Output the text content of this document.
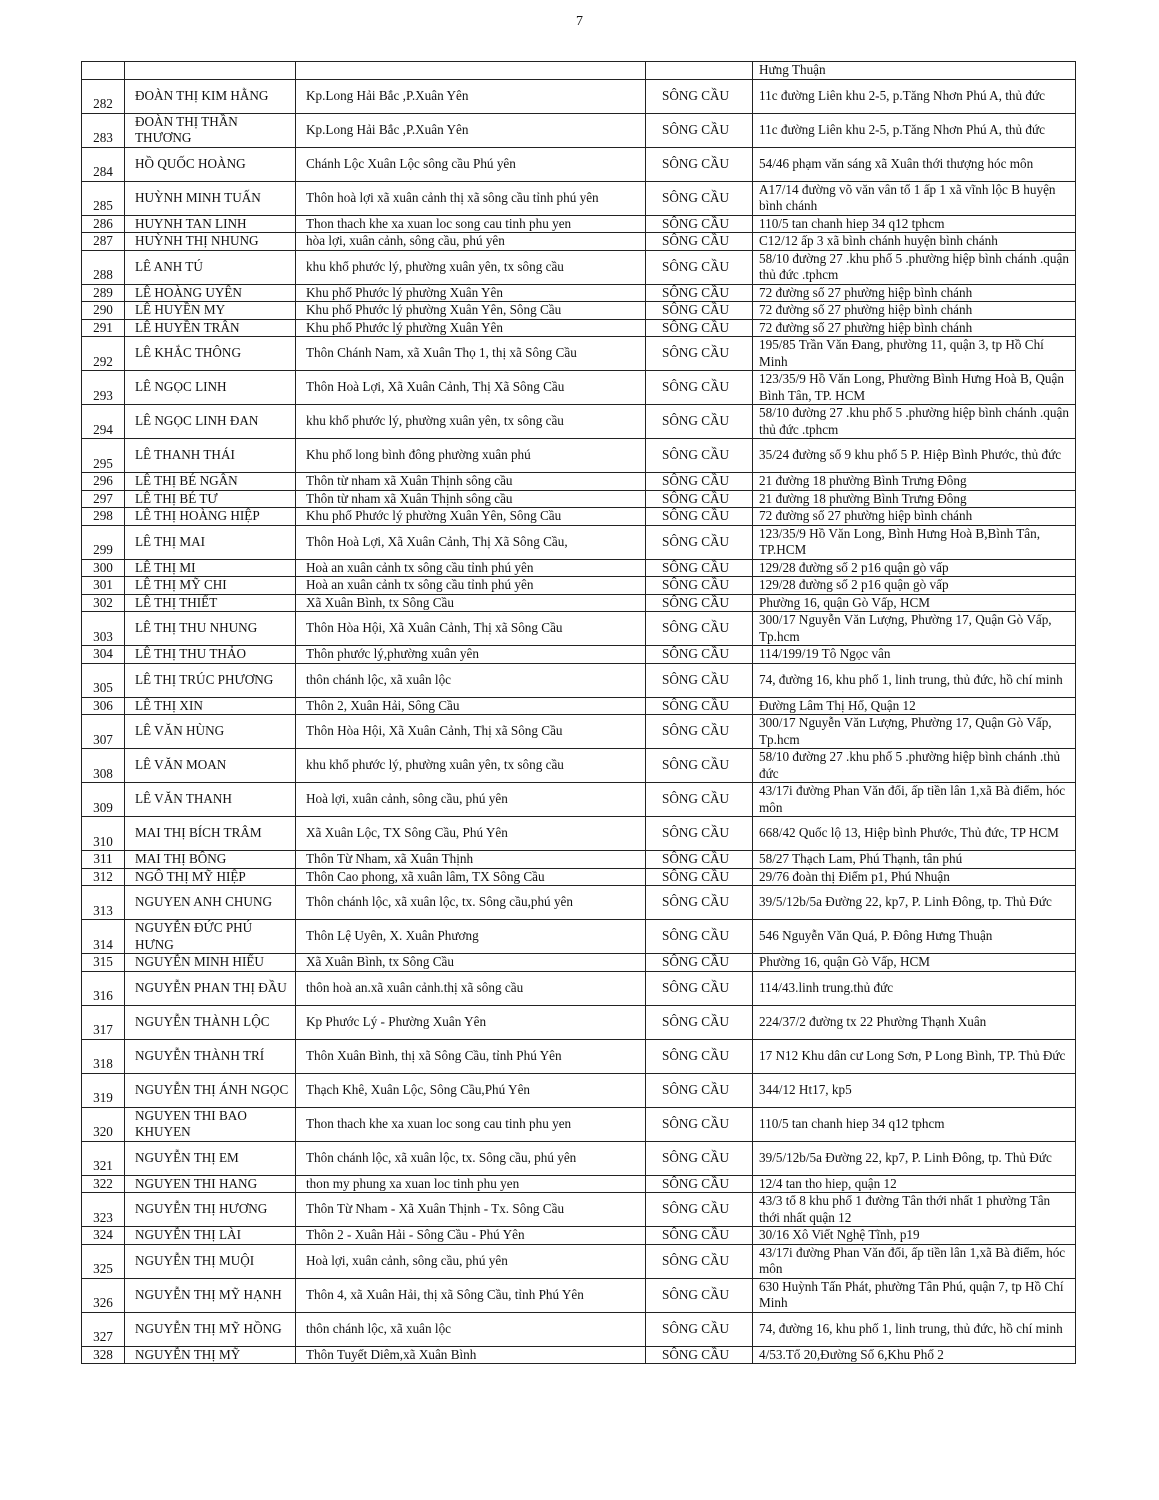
7
				Hưng Thuận
282	ĐOÀN THỊ KIM HẰNG	Kp.Long Hải Bắc ,P.Xuân Yên	SÔNG CẦU	11c đường Liên khu 2-5, p.Tăng Nhơn Phú A, thủ đức
283	ĐOÀN THỊ THẦN THƯƠNG	Kp.Long Hải Bắc ,P.Xuân Yên	SÔNG CẦU	11c đường Liên khu 2-5, p.Tăng Nhơn Phú A, thủ đức
284	HỒ QUỐC HOÀNG	Chánh Lộc Xuân Lộc sông cầu Phú yên	SÔNG CẦU	54/46 phạm văn sáng xã Xuân thới thượng hóc môn
285	HUỲNH MINH TUẤN	Thôn hoà lợi xã xuân cảnh thị xã sông cầu tỉnh phú yên	SÔNG CẦU	A17/14 đường võ văn vân tổ 1 ấp 1 xã vĩnh lộc B huyện bình chánh
286	HUYNH TAN LINH	Thon thach khe xa xuan loc song cau tinh phu yen	SÔNG CẦU	110/5 tan chanh hiep 34 q12 tphcm
287	HUỲNH THỊ NHUNG	hòa lợi, xuân cảnh, sông cầu, phú yên	SÔNG CẦU	C12/12 ấp 3 xã bình chánh huyện bình chánh
288	LÊ ANH TÚ	khu khổ phước lý, phường xuân yên, tx sông cầu	SÔNG CẦU	58/10 đường 27 .khu phố 5 .phường hiệp bình chánh .quận thủ đức .tphcm
289	LÊ HOÀNG UYÊN	Khu phố Phước lý phường Xuân Yên	SÔNG CẦU	72 đường số 27 phường hiệp bình chánh
290	LÊ HUYỀN MY	Khu phố Phước lý phường Xuân Yên, Sông Cầu	SÔNG CẦU	72 đường số 27 phường hiệp bình chánh
291	LÊ HUYỀN TRÂN	Khu phố Phước lý phường Xuân Yên	SÔNG CẦU	72 đường số 27 phường hiệp bình chánh
292	LÊ KHẮC THÔNG	Thôn Chánh Nam, xã Xuân Thọ 1, thị xã Sông Cầu	SÔNG CẦU	195/85 Trần Văn Đang, phường 11, quận 3, tp Hồ Chí Minh
293	LÊ NGỌC LINH	Thôn Hoà Lợi, Xã Xuân Cảnh, Thị Xã Sông Cầu	SÔNG CẦU	123/35/9 Hồ Văn Long, Phường Bình Hưng Hoà B, Quận Bình Tân, TP. HCM
294	LÊ NGỌC LINH ĐAN	khu khổ phước lý, phường xuân yên, tx sông cầu	SÔNG CẦU	58/10 đường 27 .khu phố 5 .phường hiệp bình chánh .quận thủ đức .tphcm
295	LÊ THANH THÁI	Khu phố long bình đông phường xuân phú	SÔNG CẦU	35/24 đường số 9 khu phố 5 P. Hiệp Bình Phước, thủ đức
296	LÊ THỊ BÉ NGÂN	Thôn từ nham xã Xuân Thịnh sông cầu	SÔNG CẦU	21 đường 18 phường Bình Trưng Đông
297	LÊ THỊ BÉ TƯ	Thôn từ nham xã Xuân Thịnh sông cầu	SÔNG CẦU	21 đường 18 phường Bình Trưng Đông
298	LÊ THỊ HOÀNG HIỆP	Khu phố Phước lý phường Xuân Yên, Sông Cầu	SÔNG CẦU	72 đường số 27 phường hiệp bình chánh
299	LÊ THỊ MAI	Thôn Hoà Lợi, Xã Xuân Cảnh, Thị Xã Sông Cầu,	SÔNG CẦU	123/35/9 Hồ Văn Long, Bình Hưng Hoà B,Bình Tân, TP.HCM
300	LÊ THỊ MI	Hoà an xuân cảnh tx sông cầu tỉnh phú yên	SÔNG CẦU	129/28 đường số 2 p16 quận gò vấp
301	LÊ THỊ MỸ CHI	Hoà an xuân cảnh tx sông cầu tỉnh phú yên	SÔNG CẦU	129/28 đường số 2 p16 quận gò vấp
302	LÊ THỊ THIẾT	Xã Xuân Bình, tx Sông Cầu	SÔNG CẦU	Phường 16, quận Gò Vấp, HCM
303	LÊ THỊ THU NHUNG	Thôn Hòa Hội, Xã Xuân Cảnh, Thị xã Sông Cầu	SÔNG CẦU	300/17 Nguyễn Văn Lượng, Phường 17, Quận Gò Vấp, Tp.hcm
304	LÊ THỊ THU THẢO	Thôn phước lý,phường xuân yên	SÔNG CẦU	114/199/19 Tô Ngọc vân
305	LÊ THỊ TRÚC PHƯƠNG	thôn chánh lộc, xã xuân lộc	SÔNG CẦU	74, đường 16, khu phố 1, linh trung, thủ đức, hồ chí minh
306	LÊ THỊ XIN	Thôn 2, Xuân Hải, Sông Cầu	SÔNG CẦU	Đường Lâm Thị Hố, Quận 12
307	LÊ VĂN HÙNG	Thôn Hòa Hội, Xã Xuân Cảnh, Thị xã Sông Cầu	SÔNG CẦU	300/17 Nguyễn Văn Lượng, Phường 17, Quận Gò Vấp, Tp.hcm
308	LÊ VĂN MOAN	khu khổ phước lý, phường xuân yên, tx sông cầu	SÔNG CẦU	58/10 đường 27 .khu phố 5 .phường hiệp bình chánh .thủ đức
309	LÊ VĂN THANH	Hoà lợi, xuân cảnh, sông cầu, phú yên	SÔNG CẦU	43/17i đường Phan Văn đối, ấp tiền lân 1,xã Bà điểm, hóc môn
310	MAI THỊ BÍCH TRÂM	Xã Xuân Lộc, TX Sông Cầu, Phú Yên	SÔNG CẦU	668/42 Quốc lộ 13, Hiệp bình Phước, Thủ đức, TP HCM
311	MAI THỊ BÔNG	Thôn Từ Nham, xã Xuân Thịnh	SÔNG CẦU	58/27 Thạch Lam, Phú Thạnh, tân phú
312	NGÔ THỊ MỸ HIỆP	Thôn Cao phong, xã xuân lâm, TX Sông Cầu	SÔNG CẦU	29/76 đoàn thị Điểm p1, Phú Nhuận
313	NGUYEN ANH CHUNG	Thôn chánh lộc, xã xuân lộc, tx. Sông cầu,phú yên	SÔNG CẦU	39/5/12b/5a Đường 22, kp7, P. Linh Đông, tp. Thủ Đức
314	NGUYỄN ĐỨC PHÚ HƯNG	Thôn Lệ Uyên, X. Xuân Phương	SÔNG CẦU	546 Nguyễn Văn Quá, P. Đông Hưng Thuận
315	NGUYỄN MINH HIẾU	Xã Xuân Bình, tx Sông Cầu	SÔNG CẦU	Phường 16, quận Gò Vấp, HCM
316	NGUYỄN PHAN THỊ ĐẦU	thôn hoà an.xã xuân cảnh.thị xã sông cầu	SÔNG CẦU	114/43.linh trung.thủ đức
317	NGUYỄN THÀNH LỘC	Kp Phước Lý - Phường Xuân Yên	SÔNG CẦU	224/37/2 đường tx 22 Phường Thạnh Xuân
318	NGUYỄN THÀNH TRÍ	Thôn Xuân Bình, thị xã Sông Cầu, tỉnh Phú Yên	SÔNG CẦU	17 N12 Khu dân cư Long Sơn, P Long Bình, TP. Thủ Đức
319	NGUYỄN THỊ ÁNH NGỌC	Thạch Khê, Xuân Lộc, Sông Cầu,Phú Yên	SÔNG CẦU	344/12 Ht17, kp5
320	NGUYEN THI BAO KHUYEN	Thon thach khe xa xuan loc song cau tinh phu yen	SÔNG CẦU	110/5 tan chanh hiep 34 q12 tphcm
321	NGUYỄN THỊ EM	Thôn chánh lộc, xã xuân lộc, tx. Sông cầu, phú yên	SÔNG CẦU	39/5/12b/5a Đường 22, kp7, P. Linh Đông, tp. Thủ Đức
322	NGUYEN THI HANG	thon my phung xa xuan loc tinh phu yen	SÔNG CẦU	12/4 tan tho hiep, quận 12
323	NGUYỄN THỊ HƯƠNG	Thôn Từ Nham - Xã Xuân Thịnh - Tx. Sông Cầu	SÔNG CẦU	43/3 tổ 8 khu phố 1 đường Tân thới nhất 1 phường Tân thới nhất quận 12
324	NGUYỄN THỊ LÀI	Thôn 2 - Xuân Hải - Sông Cầu - Phú Yên	SÔNG CẦU	30/16 Xô Viết Nghệ Tĩnh, p19
325	NGUYỄN THỊ MUỘI	Hoà lợi, xuân cảnh, sông cầu, phú yên	SÔNG CẦU	43/17i đường Phan Văn đối, ấp tiền lân 1,xã Bà điểm, hóc môn
326	NGUYỄN THỊ MỸ HẠNH	Thôn 4, xã Xuân Hải, thị xã Sông Cầu, tỉnh Phú Yên	SÔNG CẦU	630 Huỳnh Tấn Phát, phường Tân Phú, quận 7, tp Hồ Chí Minh
327	NGUYỄN THỊ MỸ HỒNG	thôn chánh lộc, xã xuân lộc	SÔNG CẦU	74, đường 16, khu phố 1, linh trung, thủ đức, hồ chí minh
328	NGUYỄN THỊ MỸ	Thôn Tuyết Diêm,xã Xuân Bình	SÔNG CẦU	4/53.Tổ 20,Đường Số 6,Khu Phố 2
